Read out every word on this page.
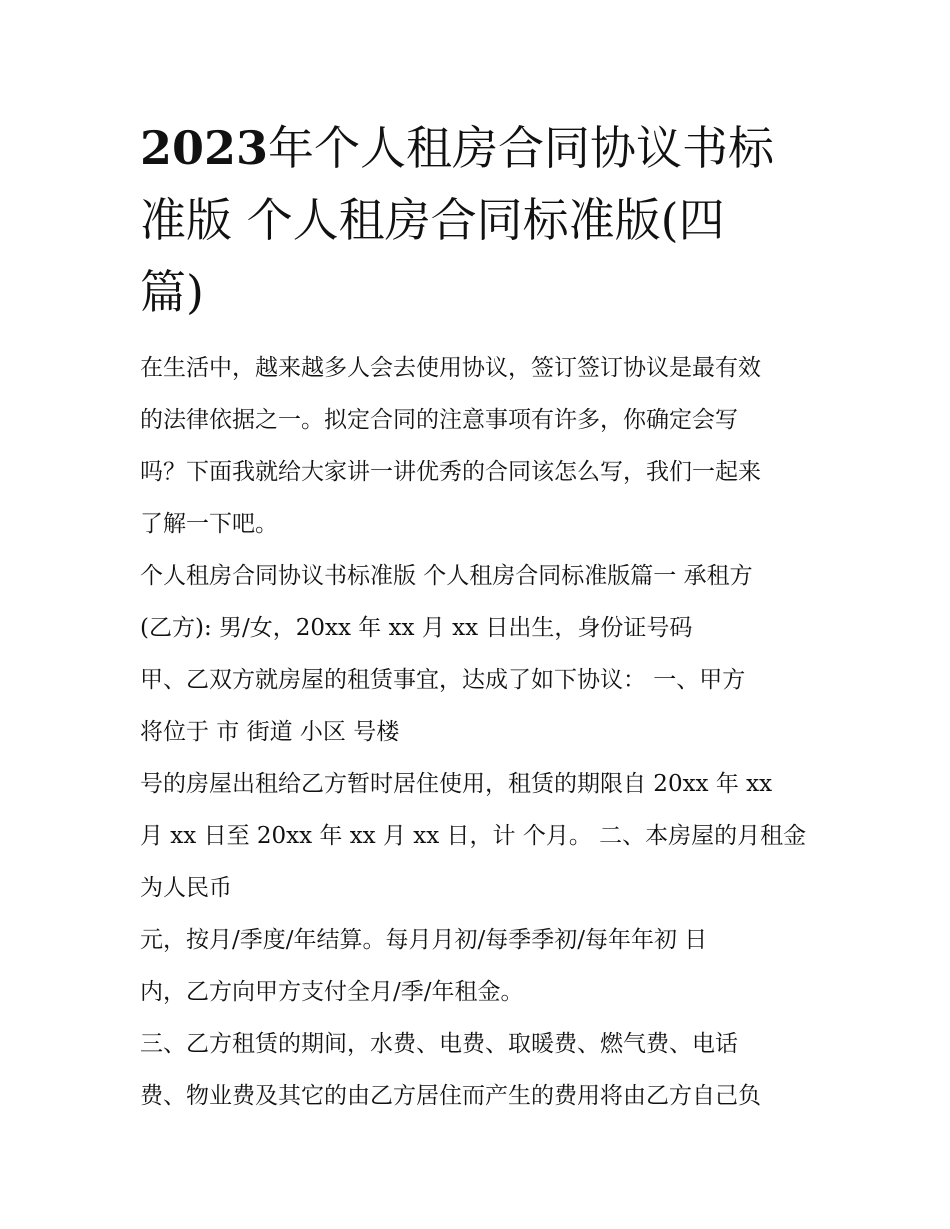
2023年个人租房合同协议书标
准版 个人租房合同标准版(四
篇)
在生活中，越来越多人会去使用协议，签订签订协议是最有效
的法律依据之一。拟定合同的注意事项有许多，你确定会写
吗？下面我就给大家讲一讲优秀的合同该怎么写，我们一起来
了解一下吧。
个人租房合同协议书标准版 个人租房合同标准版篇一 承租方
(乙方): 男/女，20xx 年 xx 月 xx 日出生，身份证号码
甲、乙双方就房屋的租赁事宜，达成了如下协议： 一、甲方
将位于 市 街道 小区 号楼
号的房屋出租给乙方暂时居住使用，租赁的期限自 20xx 年 xx
月 xx 日至 20xx 年 xx 月 xx 日，计 个月。 二、本房屋的月租金
为人民币
元，按月/季度/年结算。每月月初/每季季初/每年年初 日
内，乙方向甲方支付全月/季/年租金。
三、乙方租赁的期间，水费、电费、取暖费、燃气费、电话
费、物业费及其它的由乙方居住而产生的费用将由乙方自己负
